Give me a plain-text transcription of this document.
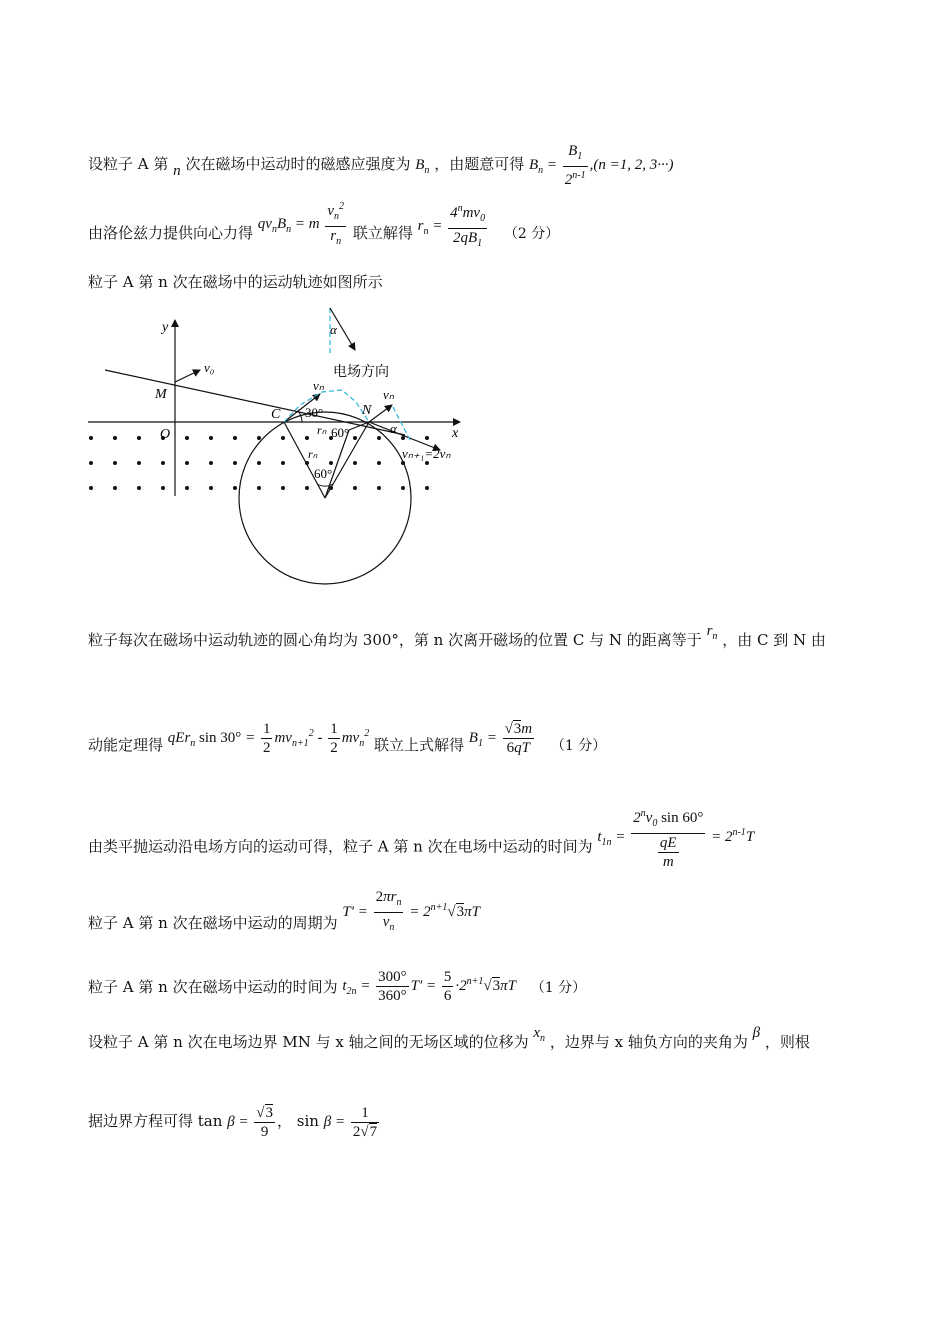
设粒子 A 第 n 次在磁场中运动时的磁感应强度为 $B_n$ ，由题意可得 $B_n = \frac{B_1}{2^{n-1}} ,(n =1$, 2, 3···)
由洛伦兹力提供向心力得 $qv_nB_n = m \frac{v_n^2}{r_n}$ 联立解得 $r_n = \frac{4^nmv_0}{2qB_1} (2$ 分）
粒子 A 第 n 次在磁场中的运动轨迹如图所示
y
x
O
M
v₀
vₙ
vₙ
vₙ₊₁=2vₙ
α
电场方向
C	N
30°
rₙ 60°
rₙ
60°
α
粒子每次在磁场中运动轨迹的圆心角均为 300°，第 n 次离开磁场的位置 C 与 N 的距离等于 $r_n$ ，由 C 到 N 由
动能定理得 qEr$_n$ $\sin 30^\circ = \frac{1}{2} mv_{n+1}^2 - \frac{1}{2} mv_n^2$ 联立上式解得 $B_1 = \frac{√3m}{6qT} (1$ 分）
由类平抛运动沿电场方向的运动可得，粒子 A 第 n 次在电场中运动的时间为 $t_{1n} = \frac{2^nv_0 \sin 60^\circ}{\frac{qE}{m}} = 2^{n-1}T$
粒子 A 第 n 次在磁场中运动的周期为 $T' = \frac{2\pi r_n}{v_n} = 2^{n+1}√3\pi T$
粒子 A 第 n 次在磁场中运动的时间为 $t_{2n} = \frac{300^\circ}{360^\circ} T' = \frac{5}{6} \cdot 2^{n+1}√3\pi T$ （1 分）
设粒子 A 第 n 次在电场边界 MN 与 x 轴之间的无场区域的位移为 $x_n$ ，边界与 x 轴负方向的夹角为 β ，则根
据边界方程可得 $\tan \beta = \frac{√3}{9}$ ， $\sin \beta = \frac{1}{2√7}$
